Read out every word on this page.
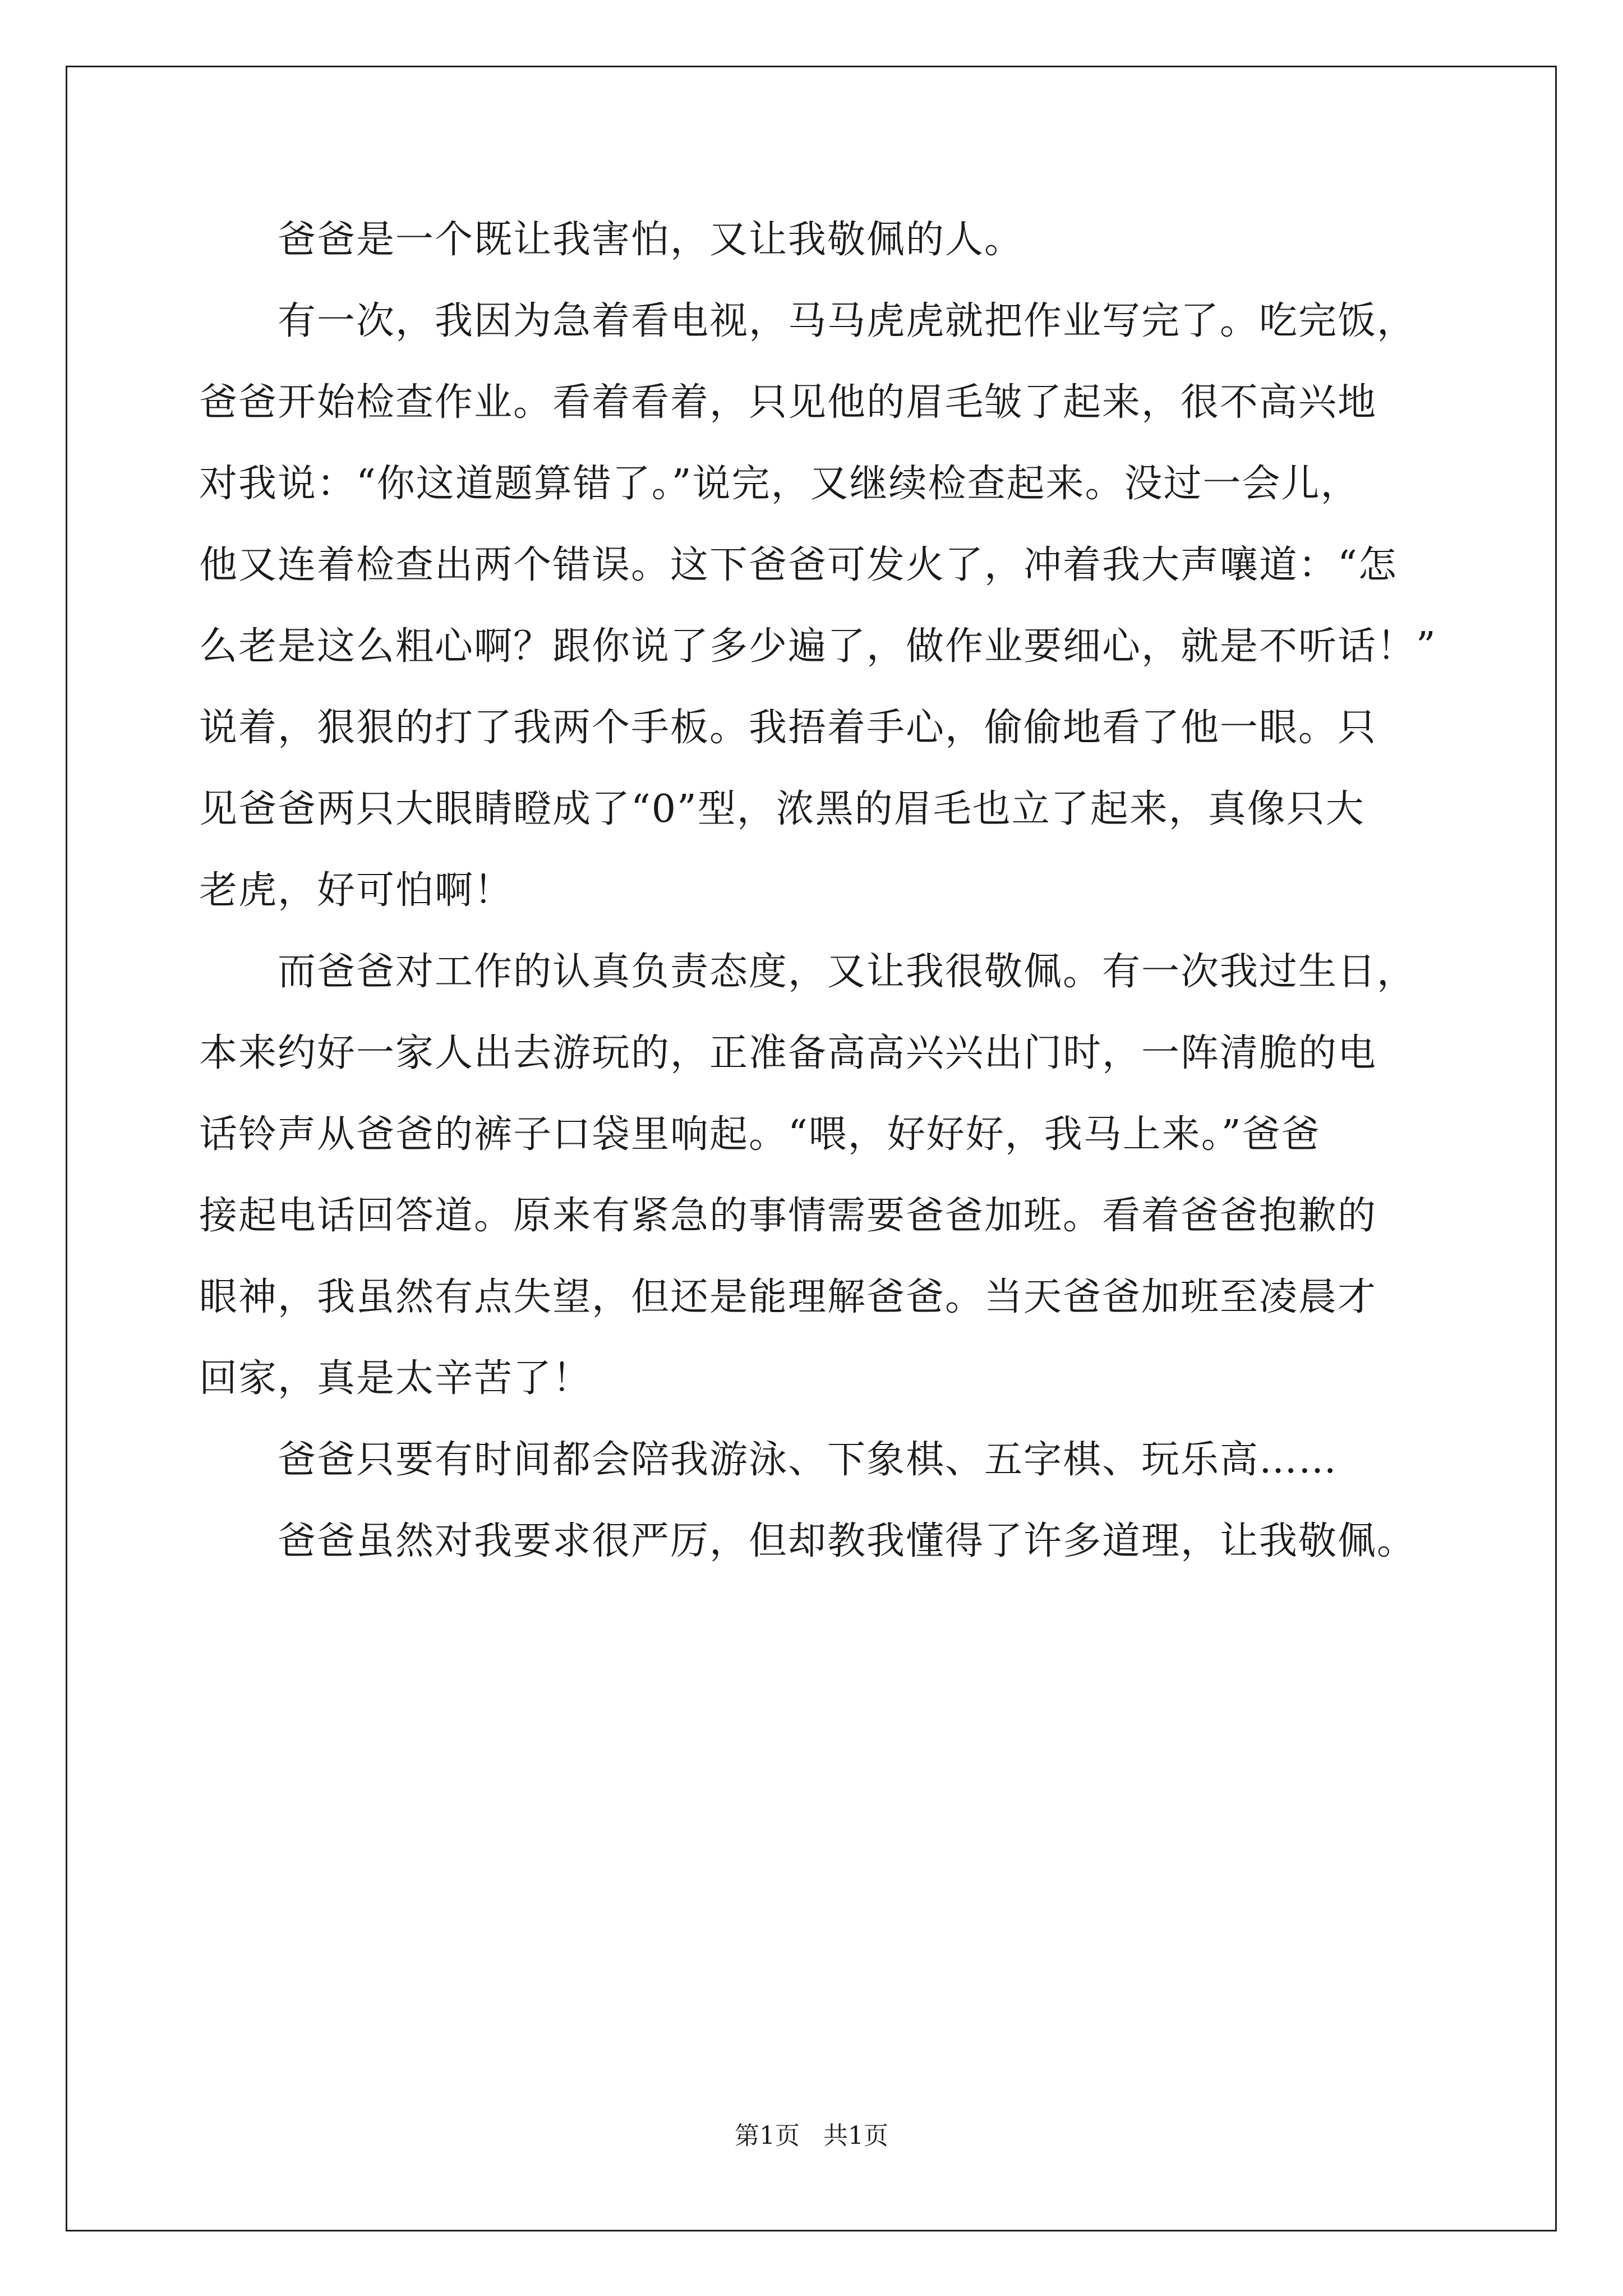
爸爸是一个既让我害怕，又让我敬佩的人。
有一次，我因为急着看电视，马马虎虎就把作业写完了。吃完饭，
爸爸开始检查作业。看着看着，只见他的眉毛皱了起来，很不高兴地
对我说：“你这道题算错了。”说完，又继续检查起来。没过一会儿，
他又连着检查出两个错误。这下爸爸可发火了，冲着我大声嚷道：“怎
么老是这么粗心啊？跟你说了多少遍了，做作业要细心，就是不听话！”
说着，狠狠的打了我两个手板。我捂着手心，偷偷地看了他一眼。只
见爸爸两只大眼睛瞪成了“0”型，浓黑的眉毛也立了起来，真像只大
老虎，好可怕啊！
而爸爸对工作的认真负责态度，又让我很敬佩。有一次我过生日，
本来约好一家人出去游玩的，正准备高高兴兴出门时，一阵清脆的电
话铃声从爸爸的裤子口袋里响起。“喂，好好好，我马上来。”爸爸
接起电话回答道。原来有紧急的事情需要爸爸加班。看着爸爸抱歉的
眼神，我虽然有点失望，但还是能理解爸爸。当天爸爸加班至凌晨才
回家，真是太辛苦了！
爸爸只要有时间都会陪我游泳、下象棋、五字棋、玩乐高……
爸爸虽然对我要求很严厉，但却教我懂得了许多道理，让我敬佩。
第1页   共1页
